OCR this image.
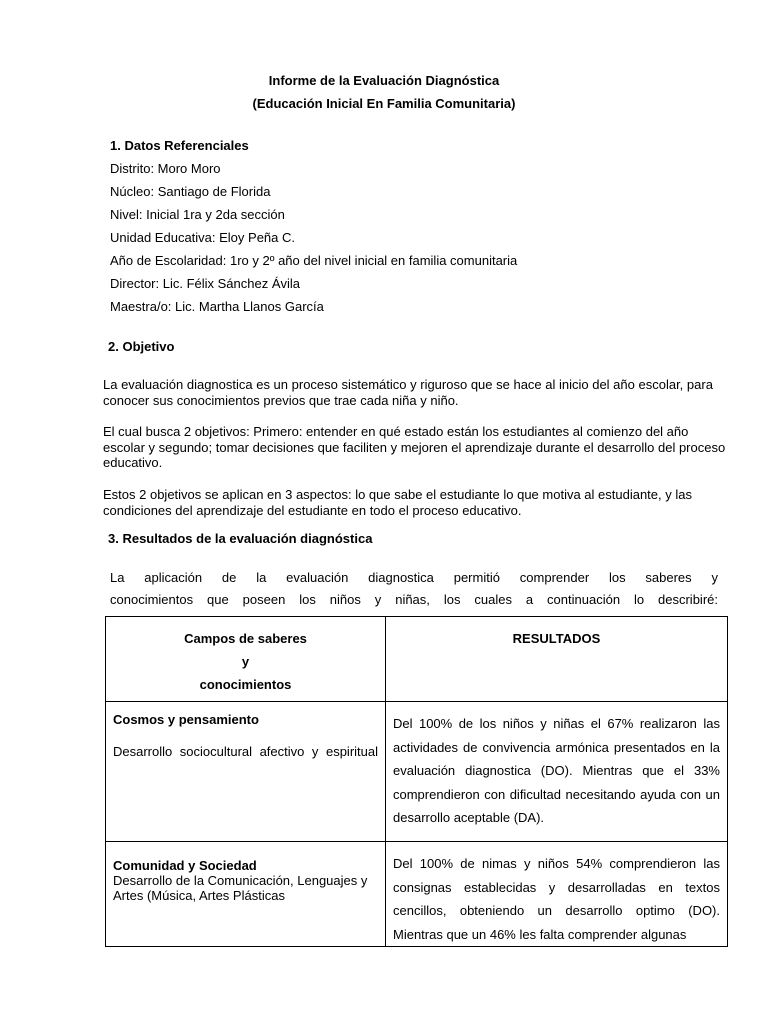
Informe de la Evaluación Diagnóstica
(Educación Inicial En Familia Comunitaria)
1. Datos Referenciales
Distrito: Moro Moro
Núcleo: Santiago de Florida
Nivel: Inicial 1ra y 2da sección
Unidad Educativa: Eloy Peña C.
Año de Escolaridad: 1ro y 2º año del nivel inicial en familia comunitaria
Director: Lic. Félix Sánchez Ávila
Maestra/o: Lic. Martha Llanos García
2. Objetivo
La evaluación diagnostica es un proceso sistemático y riguroso que se hace al inicio del año escolar, para conocer sus conocimientos previos que trae cada niña y niño.
El cual busca 2 objetivos: Primero: entender en qué estado están los estudiantes al comienzo del año escolar y segundo; tomar decisiones que faciliten y mejoren el aprendizaje durante el desarrollo del proceso educativo.
Estos 2 objetivos se aplican en 3 aspectos: lo que sabe el estudiante lo que motiva al estudiante, y las condiciones del aprendizaje del estudiante en todo el proceso educativo.
3. Resultados de la evaluación diagnóstica
La aplicación de la evaluación diagnostica permitió comprender los saberes y
conocimientos que poseen los niños y niñas, los cuales a continuación lo describiré:
Campos de saberes
y
conocimientos	RESULTADOS

Cosmos y pensamiento
Desarrollo sociocultural afectivo y espiritual	Del 100% de los niños y niñas el 67% realizaron las actividades de convivencia armónica presentados en la evaluación diagnostica (DO). Mientras que el 33% comprendieron con dificultad necesitando ayuda con un desarrollo aceptable (DA).

Comunidad y Sociedad
Desarrollo de la Comunicación, Lenguajes y Artes (Música, Artes Plásticas	Del 100% de nimas y niños 54% comprendieron las consignas establecidas y desarrolladas en textos cencillos, obteniendo un desarrollo optimo (DO). Mientras que un 46% les falta comprender algunas
